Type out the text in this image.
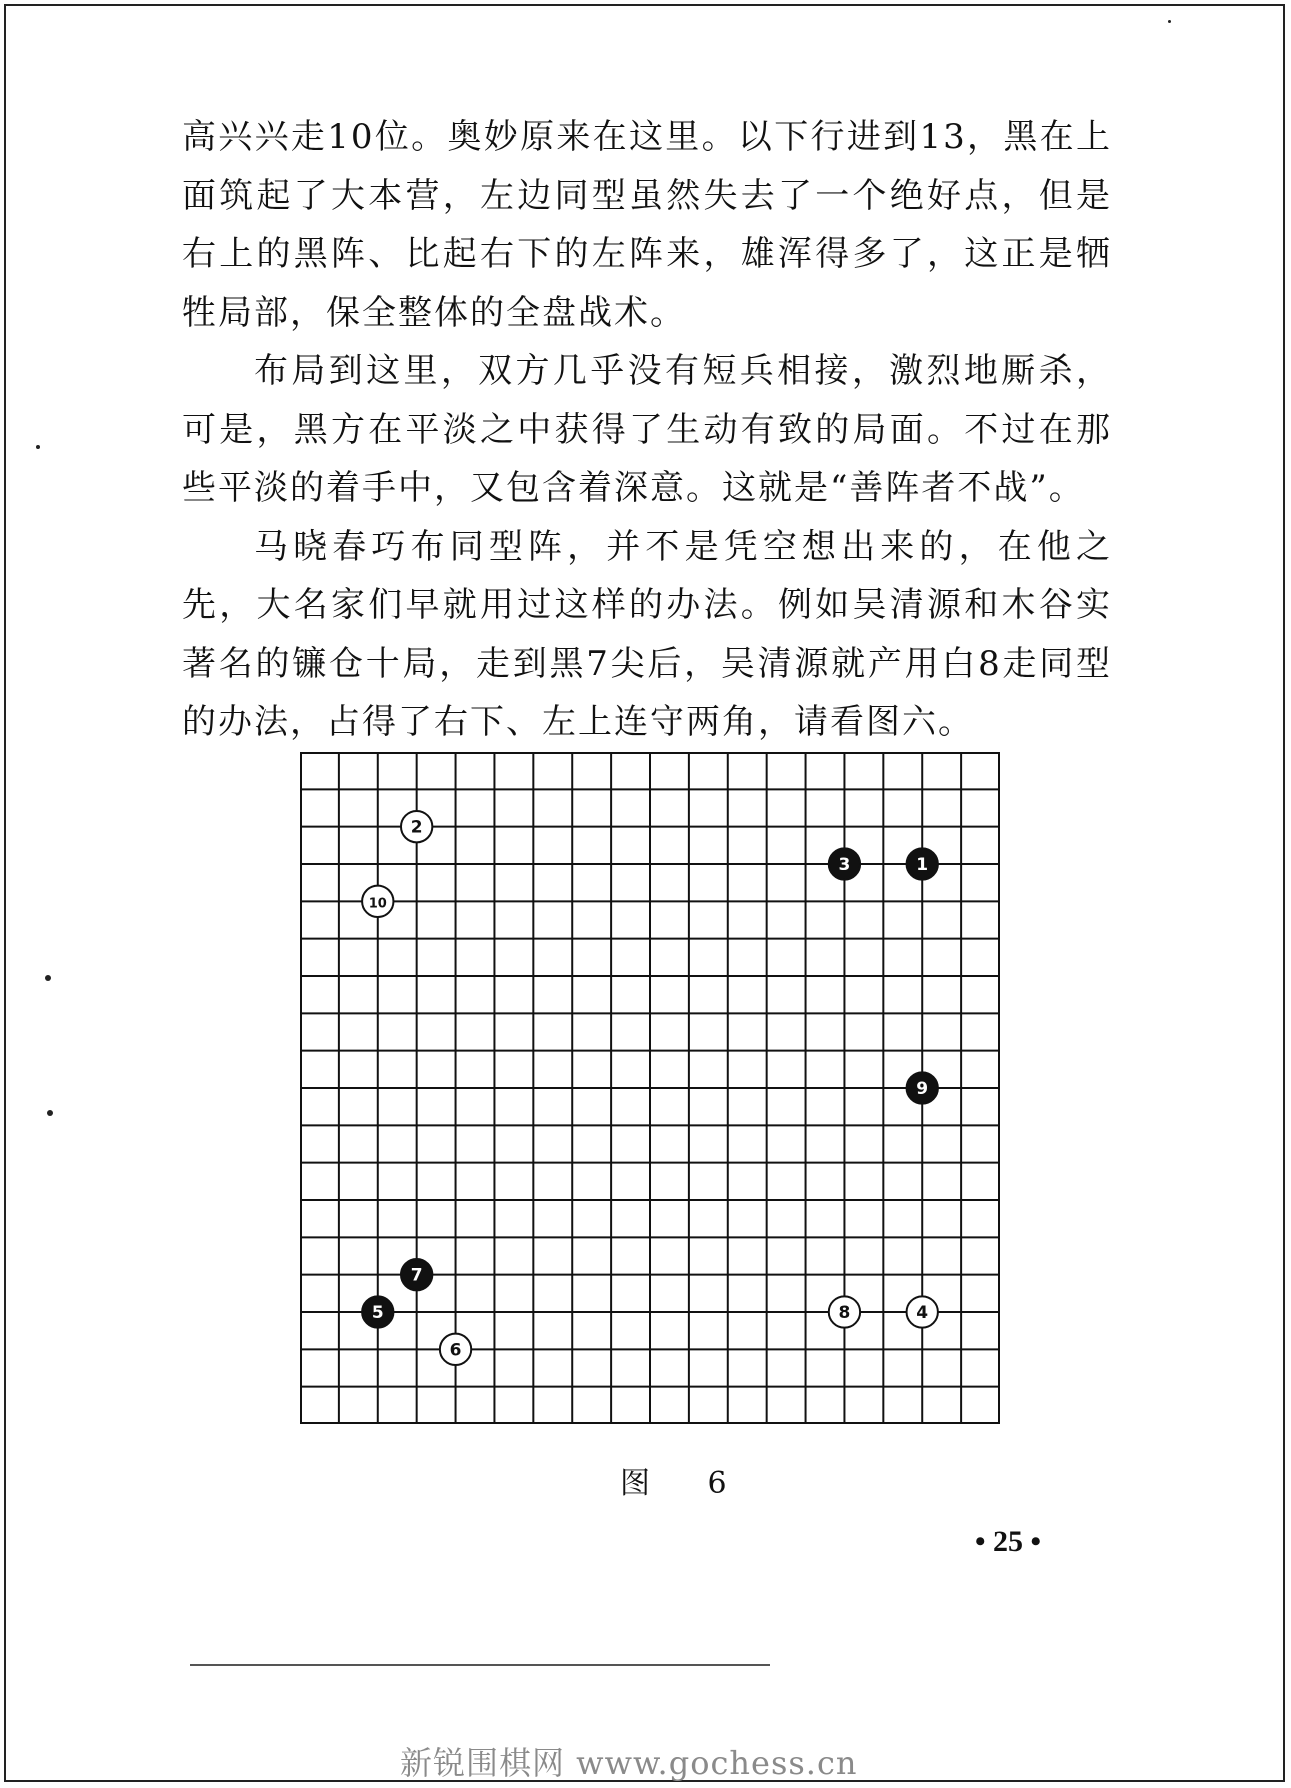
高兴兴走10位。奥妙原来在这里。以下行进到13，黑在上面筑起了大本营，左边同型虽然失去了一个绝好点，但是右上的黑阵、比起右下的左阵来，雄浑得多了，这正是牺牲局部，保全整体的全盘战术。

布局到这里，双方几乎没有短兵相接，激烈地厮杀，可是，黑方在平淡之中获得了生动有致的局面。不过在那些平淡的着手中，又包含着深意。这就是“善阵者不战”。

马晓春巧布同型阵，并不是凭空想出来的，在他之先，大名家们早就用过这样的办法。例如吴清源和木谷实著名的镰仓十局，走到黑7尖后，吴清源就产用白8走同型的办法，占得了右下、左上连守两角，请看图六。

1
2
3
4
5
6
7
8
9
10
图 6
• 25 •
新锐围棋网 www.gochess.cn
